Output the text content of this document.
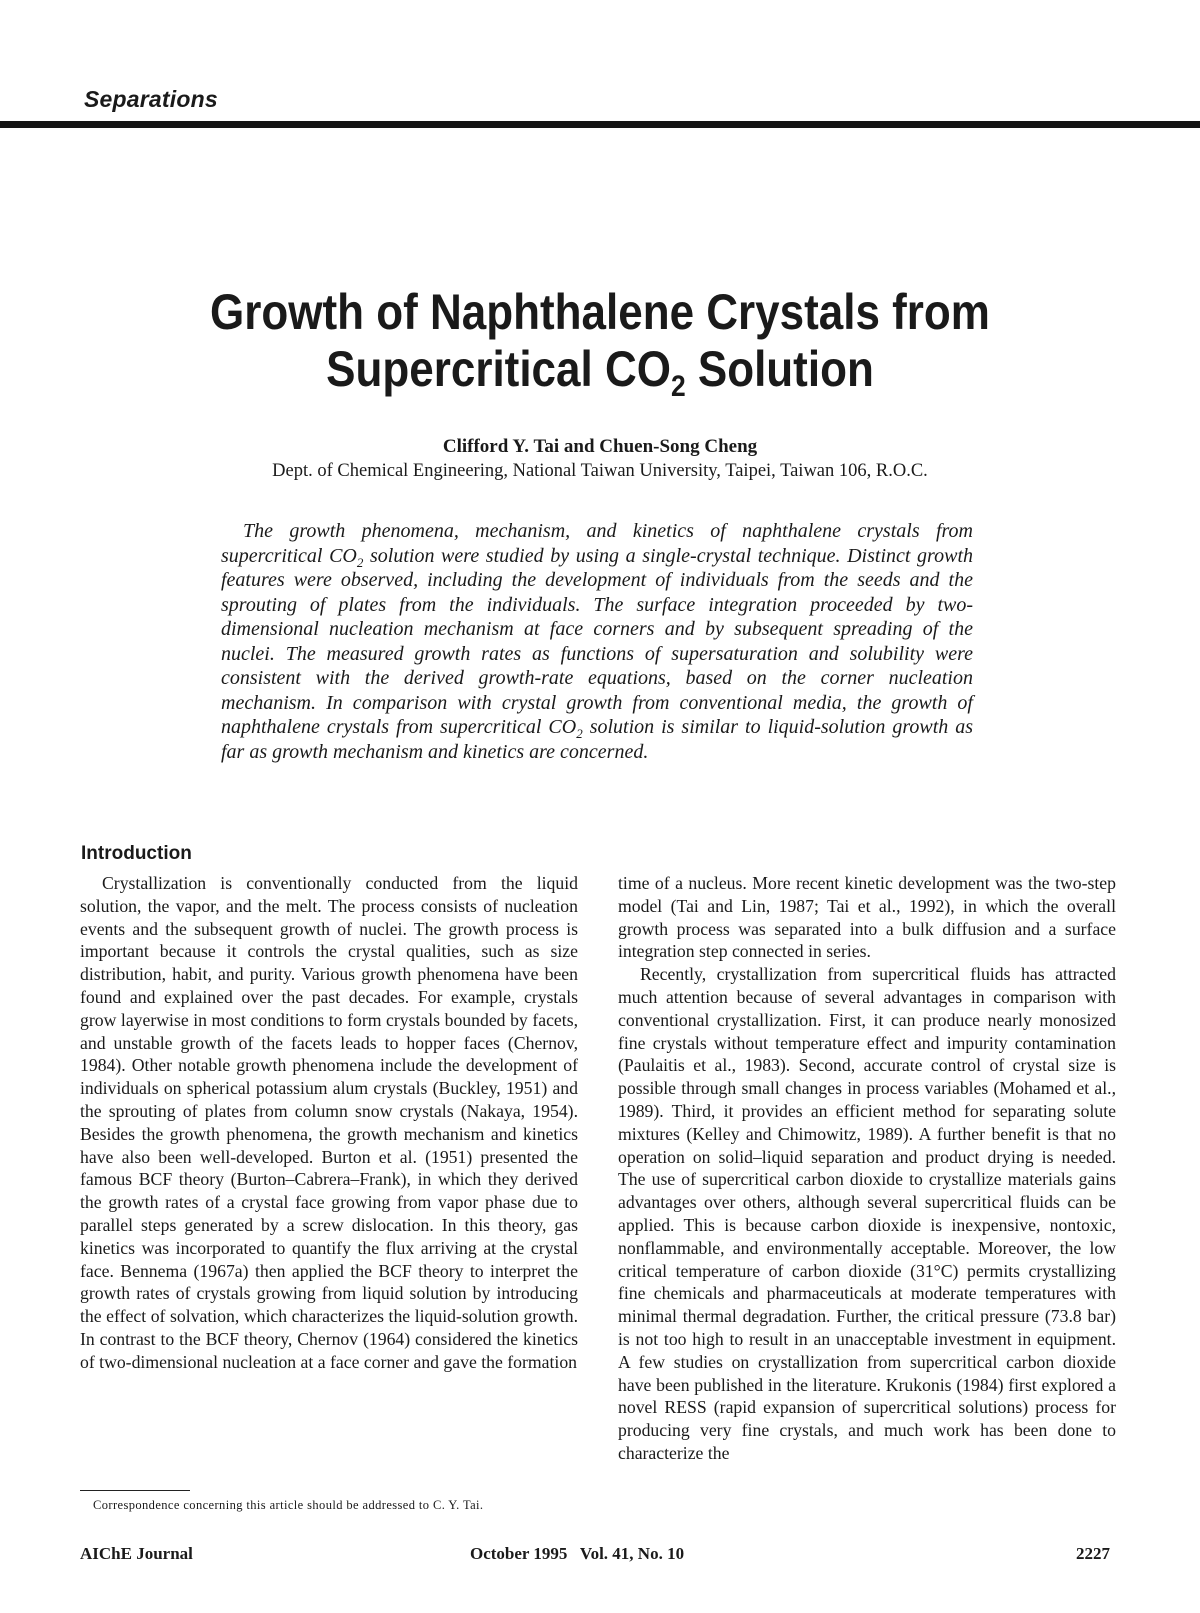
Separations
Growth of Naphthalene Crystals from
Supercritical $CO_2$ Solution
Clifford Y. Tai and Chuen-Song Cheng
Dept. of Chemical Engineering, National Taiwan University, Taipei, Taiwan 106, R.O.C.

The growth phenomena, mechanism, and kinetics of naphthalene crystals from supercritical $CO_2$ solution were studied by using a single-crystal technique. Distinct growth features were observed, including the development of individuals from the seeds and the sprouting of plates from the individuals. The surface integration proceeded by two-dimensional nucleation mechanism at face corners and by subsequent spreading of the nuclei. The measured growth rates as functions of supersaturation and solubility were consistent with the derived growth-rate equations, based on the corner nucleation mechanism. In comparison with crystal growth from conventional media, the growth of naphthalene crystals from supercritical $CO_2$ solution is similar to liquid-solution growth as far as growth mechanism and kinetics are concerned.

Introduction

Crystallization is conventionally conducted from the liquid solution, the vapor, and the melt. The process consists of nucleation events and the subsequent growth of nuclei. The growth process is important because it controls the crystal qualities, such as size distribution, habit, and purity. Various growth phenomena have been found and explained over the past decades. For example, crystals grow layerwise in most conditions to form crystals bounded by facets, and unstable growth of the facets leads to hopper faces (Chernov, 1984). Other notable growth phenomena include the development of individuals on spherical potassium alum crystals (Buckley, 1951) and the sprouting of plates from column snow crystals (Nakaya, 1954). Besides the growth phenomena, the growth mechanism and kinetics have also been well-developed. Burton et al. (1951) presented the famous BCF theory (Burton–Cabrera–Frank), in which they derived the growth rates of a crystal face growing from vapor phase due to parallel steps generated by a screw dislocation. In this theory, gas kinetics was incorporated to quantify the flux arriving at the crystal face. Bennema (1967a) then applied the BCF theory to interpret the growth rates of crystals growing from liquid solution by introducing the effect of solvation, which characterizes the liquid-solution growth. In contrast to the BCF theory, Chernov (1964) considered the kinetics of two-dimensional nucleation at a face corner and gave the formation

time of a nucleus. More recent kinetic development was the two-step model (Tai and Lin, 1987; Tai et al., 1992), in which the overall growth process was separated into a bulk diffusion and a surface integration step connected in series.

Recently, crystallization from supercritical fluids has attracted much attention because of several advantages in comparison with conventional crystallization. First, it can produce nearly monosized fine crystals without temperature effect and impurity contamination (Paulaitis et al., 1983). Second, accurate control of crystal size is possible through small changes in process variables (Mohamed et al., 1989). Third, it provides an efficient method for separating solute mixtures (Kelley and Chimowitz, 1989). A further benefit is that no operation on solid–liquid separation and product drying is needed. The use of supercritical carbon dioxide to crystallize materials gains advantages over others, although several supercritical fluids can be applied. This is because carbon dioxide is inexpensive, nontoxic, nonflammable, and environmentally acceptable. Moreover, the low critical temperature of carbon dioxide (31°C) permits crystallizing fine chemicals and pharmaceuticals at moderate temperatures with minimal thermal degradation. Further, the critical pressure (73.8 bar) is not too high to result in an unacceptable investment in equipment. A few studies on crystallization from supercritical carbon dioxide have been published in the literature. Krukonis (1984) first explored a novel RESS (rapid expansion of supercritical solutions) process for producing very fine crystals, and much work has been done to characterize the

Correspondence concerning this article should be addressed to C. Y. Tai.
AIChE Journal	October 1995   Vol. 41, No. 10	2227
